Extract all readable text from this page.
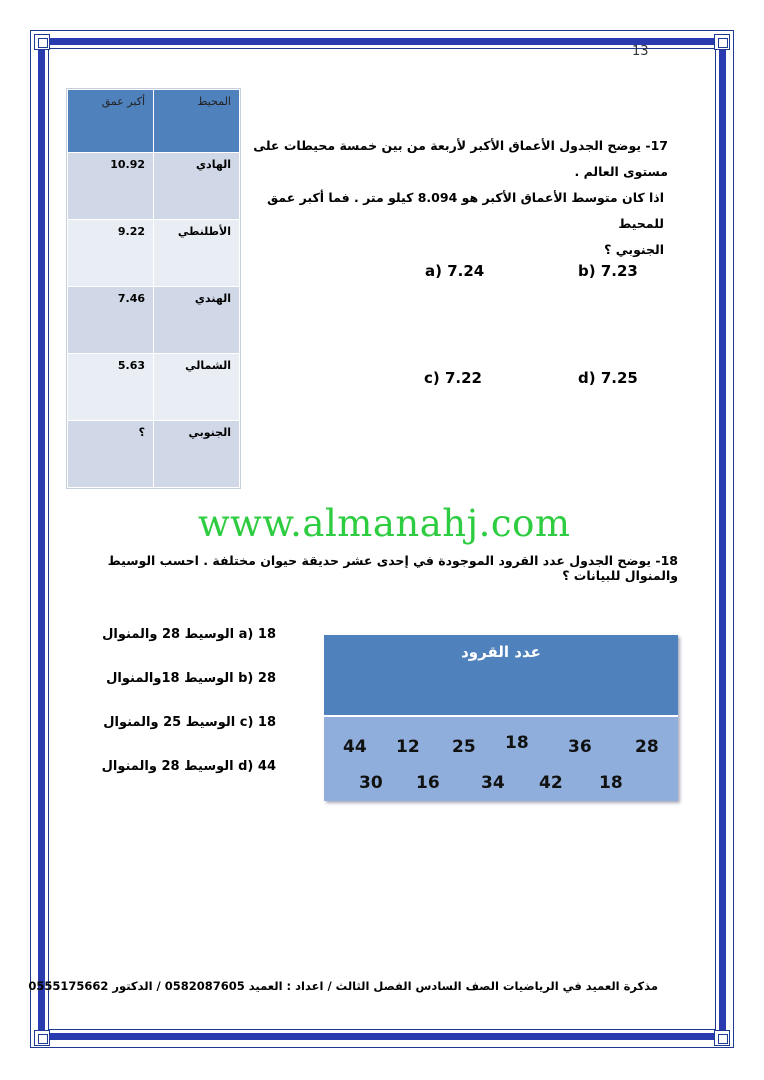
13
أكبر عمق	المحيط
10.92	الهادي
9.22	الأطلنطي
7.46	الهندي
5.63	الشمالي
؟	الجنوبي
17- يوضح الجدول الأعماق الأكبر لأربعة من بين خمسة محيطات على مستوى العالم .
اذا كان متوسط الأعماق الأكبر هو 8.094 كيلو متر . فما أكبر عمق للمحيط
الجنوبي ؟
a) 7.24	b) 7.23
c) 7.22	d) 7.25
www.almanahj.com
18- يوضح الجدول عدد القرود الموجودة في إحدى عشر حديقة حيوان مختلفة . احسب الوسيط والمنوال للبيانات ؟
a) 18 الوسيط 28 والمنوال
b) 28 الوسيط 18والمنوال
c) 18 الوسيط 25 والمنوال
d) 44 الوسيط 28 والمنوال
عدد القرود
44 12 25 18 36	28
30 16 34 42 18
مذكرة العميد في الرياضيات الصف السادس الفصل الثالث / اعداد : العميد 0582087605 / الدكتور 0555175662
